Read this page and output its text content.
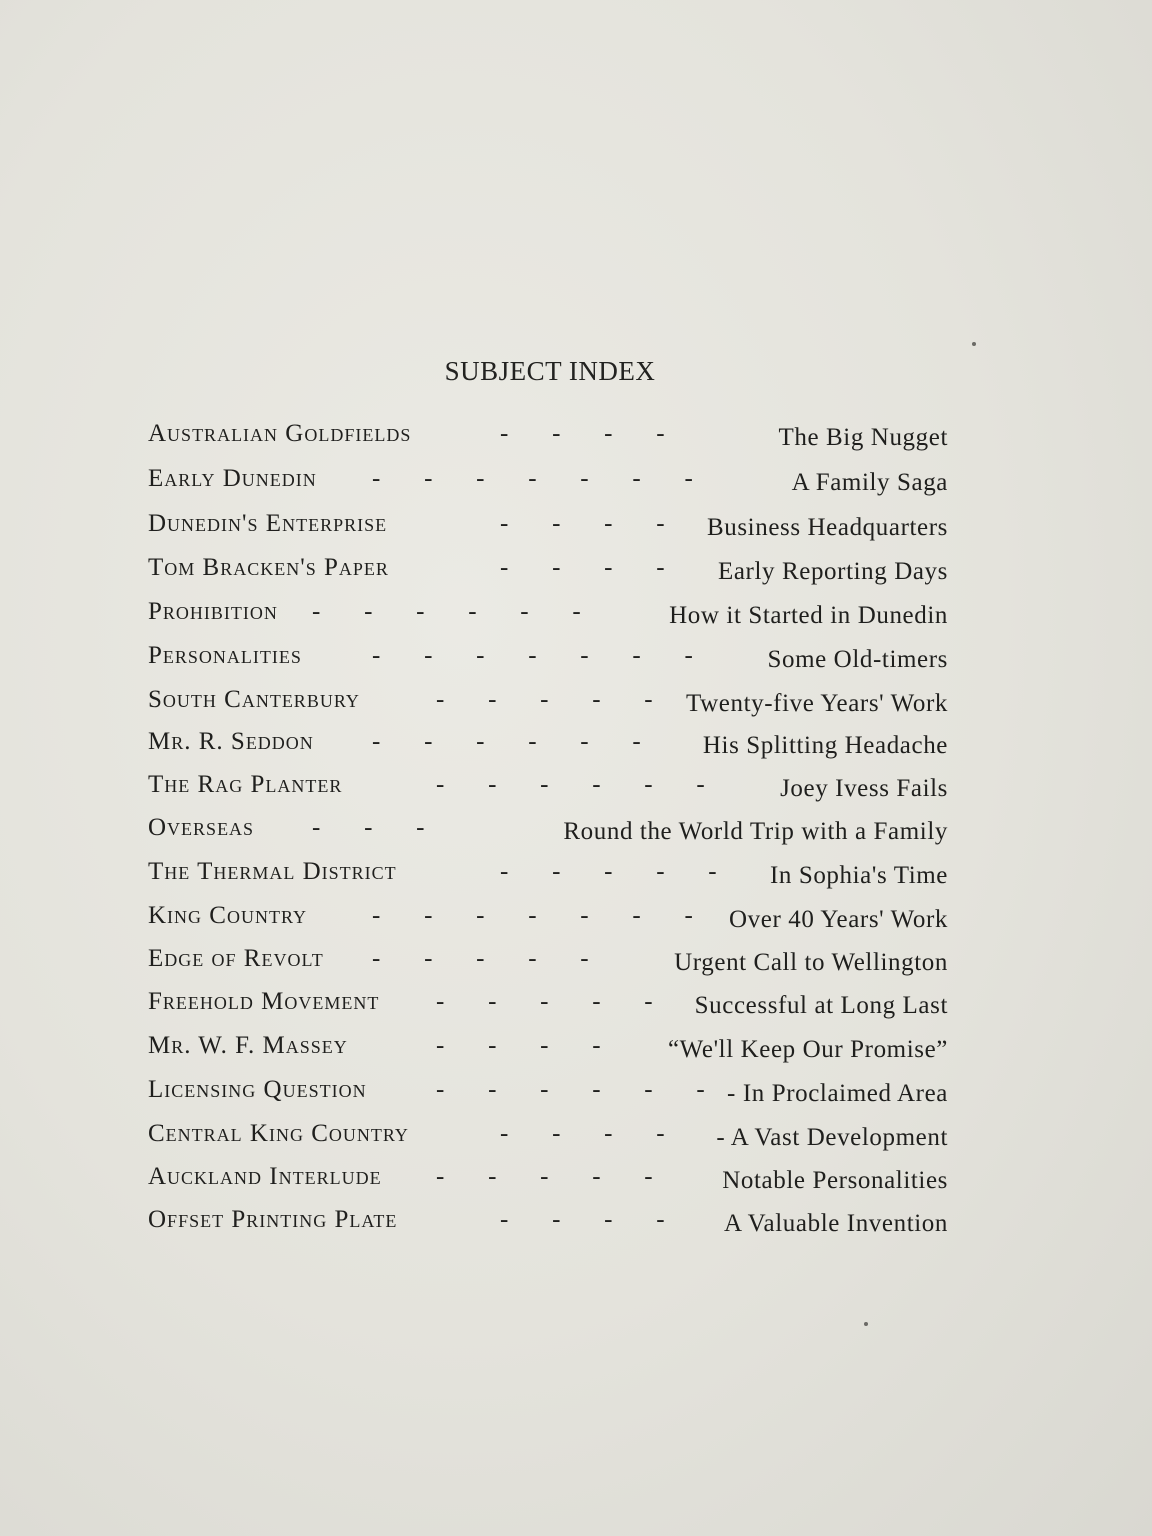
SUBJECT INDEX
Australian Goldfields	-       -       -       -	The Big Nugget
Early Dunedin -       -       -       -       -       -       -	A Family Saga
Dunedin's Enterprise	-       -       -       - Business Headquarters
Tom Bracken's Paper	-       -       -       - Early Reporting Days
Prohibition -       -       -       -       -       -	How it Started in Dunedin
Personalities	-       -       -       -       -       -       -	Some Old-timers
South Canterbury	-       -       -       -       - Twenty-five Years' Work
Mr. R. Seddon -       -       -       -       -       - His Splitting Headache
The Rag Planter	-       -       -       -       -       -	Joey Ivess Fails
Overseas -       -       -	Round the World Trip with a Family
The Thermal District	-       -       -       -       - In Sophia's Time
King Country	-       -       -       -       -       -       - Over 40 Years' Work
Edge of Revolt -       -       -       -       -	Urgent Call to Wellington
Freehold Movement -       -       -       -       - Successful at Long Last
Mr. W. F. Massey	-       -       -       -	“We'll Keep Our Promise”
Licensing Question	-       -       -       -       -       - - In Proclaimed Area
Central King Country	-       -       -       - - A Vast Development
Auckland Interlude -       -       -       -       -	Notable Personalities
Offset Printing Plate	-       -       -       - A Valuable Invention
